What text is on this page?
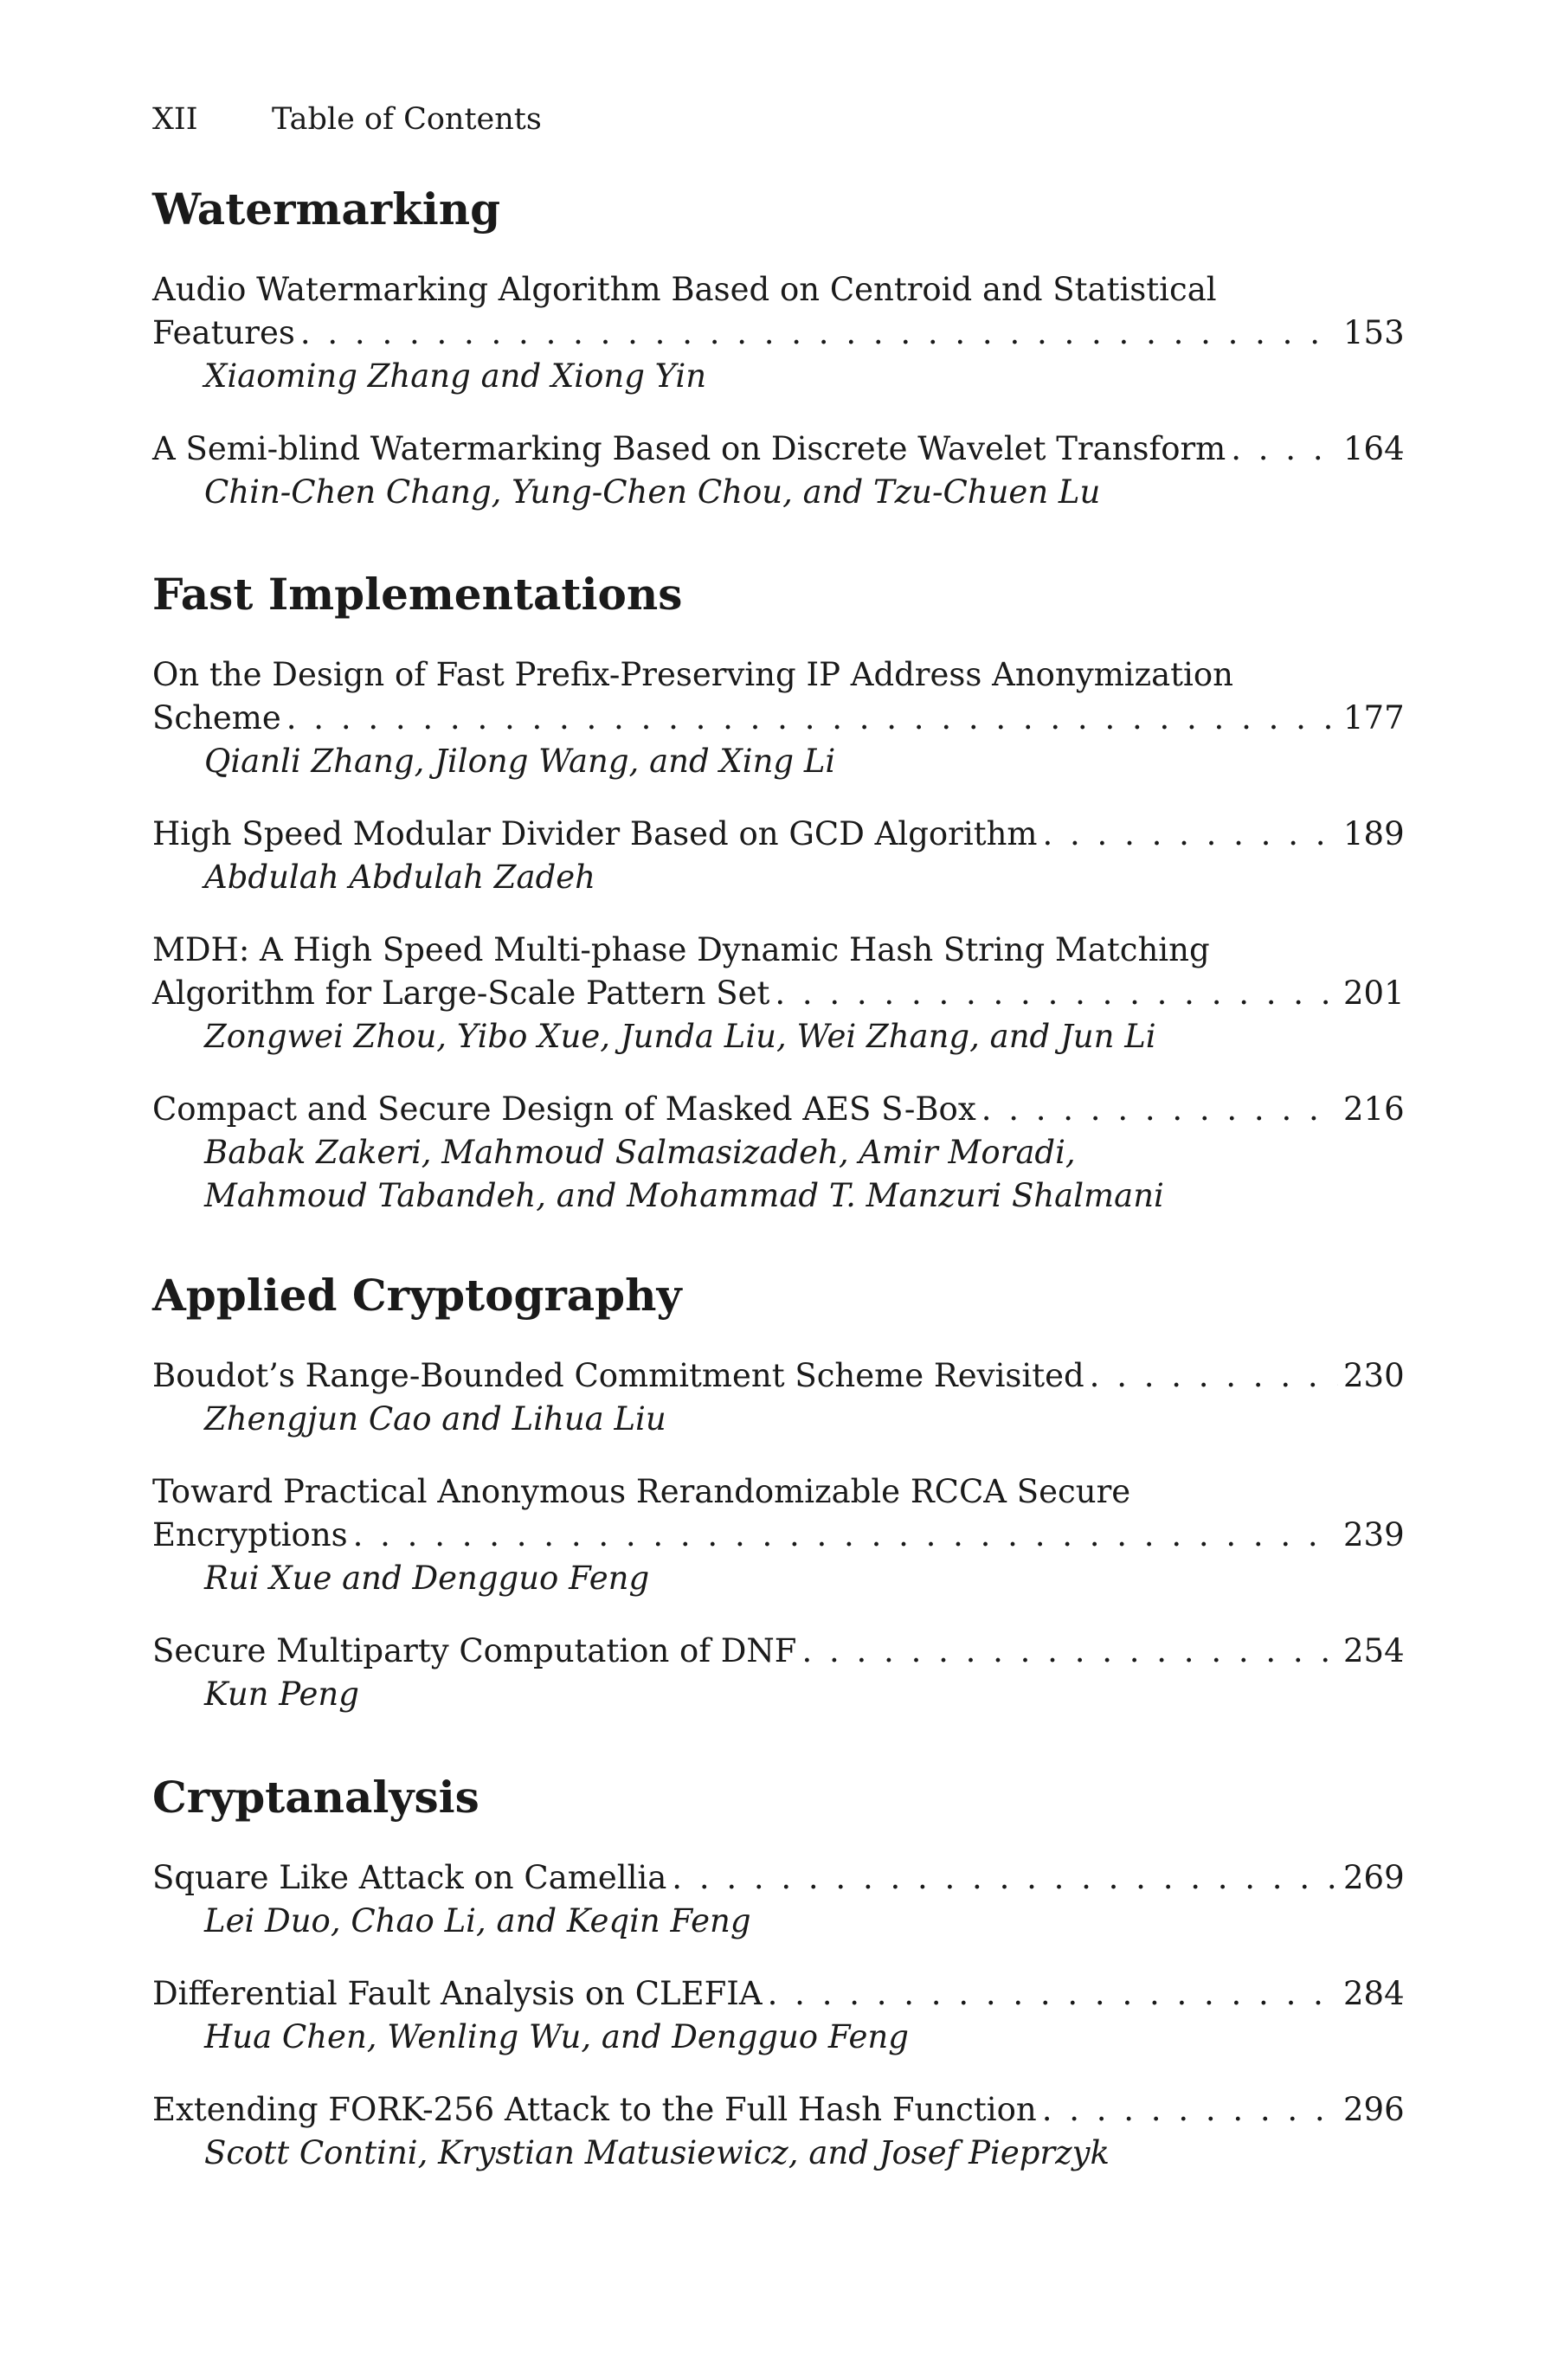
XII Table of Contents
Watermarking
Audio Watermarking Algorithm Based on Centroid and Statistical
Features . . .	153
Xiaoming Zhang and Xiong Yin
A Semi-blind Watermarking Based on Discrete Wavelet Transform . . .	164
Chin-Chen Chang, Yung-Chen Chou, and Tzu-Chuen Lu
Fast Implementations
On the Design of Fast Prefix-Preserving IP Address Anonymization
Scheme . . .	177
Qianli Zhang, Jilong Wang, and Xing Li
High Speed Modular Divider Based on GCD Algorithm . . .	189
Abdulah Abdulah Zadeh
MDH: A High Speed Multi-phase Dynamic Hash String Matching
Algorithm for Large-Scale Pattern Set . . .	201
Zongwei Zhou, Yibo Xue, Junda Liu, Wei Zhang, and Jun Li
Compact and Secure Design of Masked AES S-Box . . .	216
Babak Zakeri, Mahmoud Salmasizadeh, Amir Moradi,
Mahmoud Tabandeh, and Mohammad T. Manzuri Shalmani
Applied Cryptography
Boudot’s Range-Bounded Commitment Scheme Revisited . . .	230
Zhengjun Cao and Lihua Liu
Toward Practical Anonymous Rerandomizable RCCA Secure
Encryptions . . .	239
Rui Xue and Dengguo Feng
Secure Multiparty Computation of DNF . . .	254
Kun Peng
Cryptanalysis
Square Like Attack on Camellia . . .	269
Lei Duo, Chao Li, and Keqin Feng
Differential Fault Analysis on CLEFIA . . .	284
Hua Chen, Wenling Wu, and Dengguo Feng
Extending FORK-256 Attack to the Full Hash Function . . .	296
Scott Contini, Krystian Matusiewicz, and Josef Pieprzyk
